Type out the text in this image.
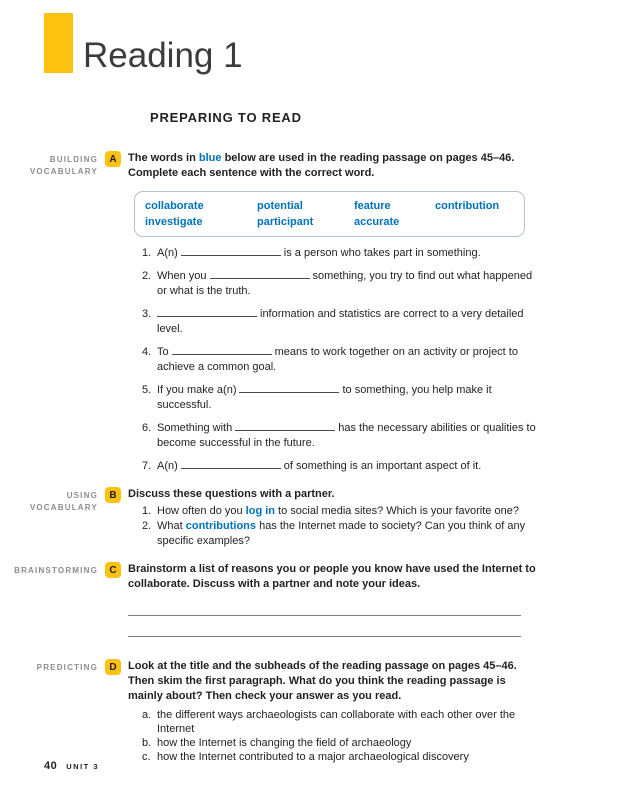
Reading 1
PREPARING TO READ
BUILDING
VOCABULARY
A	The words in blue below are used in the reading passage on pages 45–46. Complete each sentence with the correct word.
collaborate	potential	feature	contribution
investigate	participant	accurate
1. A(n)	is a person who takes part in something.
2. When you	something, you try to find out what happened or what is the truth.
3.	information and statistics are correct to a very detailed level.
4. To	means to work together on an activity or project to achieve a common goal.
5. If you make a(n)	to something, you help make it successful.
6. Something with	has the necessary abilities or qualities to become successful in the future.
7. A(n)	of something is an important aspect of it.
USING
VOCABULARY
B	Discuss these questions with a partner.
1. How often do you log in to social media sites? Which is your favorite one?
2. What contributions has the Internet made to society? Can you think of any specific examples?
BRAINSTORMING	C	Brainstorm a list of reasons you or people you know have used the Internet to collaborate. Discuss with a partner and note your ideas.
PREDICTING	D	Look at the title and the subheads of the reading passage on pages 45–46. Then skim the first paragraph. What do you think the reading passage is mainly about? Then check your answer as you read.
a. the different ways archaeologists can collaborate with each other over the Internet
b. how the Internet is changing the field of archaeology
c. how the Internet contributed to a major archaeological discovery
40 UNIT 3
